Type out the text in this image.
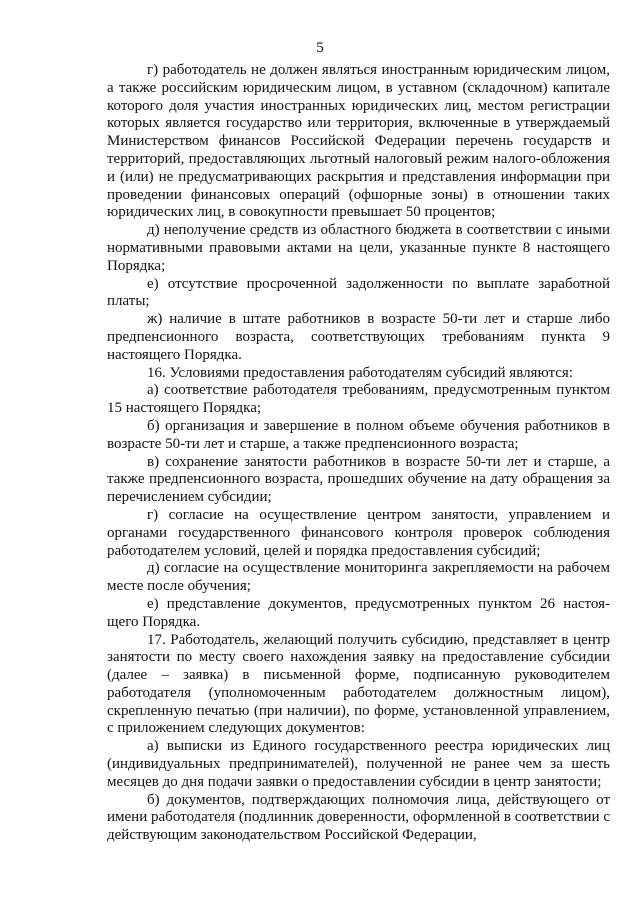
5

г) работодатель не должен являться иностранным юридическим лицом, а также российским юридическим лицом, в уставном (складочном) капитале которого доля участия иностранных юридических лиц, местом регистрации которых является государство или территория, включенные в утверждаемый Министерством финансов Российской Федерации перечень государств и территорий, предоставляющих льготный налоговый режим налого-обложения и (или) не предусматривающих раскрытия и представления информации при проведении финансовых операций (офшорные зоны) в отношении таких юридических лиц, в совокупности превышает 50 процентов;

д) неполучение средств из областного бюджета в соответствии с иными нормативными правовыми актами на цели, указанные пункте 8 настоящего Порядка;

е) отсутствие просроченной задолженности по выплате заработной платы;

ж) наличие в штате работников в возрасте 50-ти лет и старше либо предпенсионного возраста, соответствующих требованиям пункта 9 настоящего Порядка.

16. Условиями предоставления работодателям субсидий являются:

а) соответствие работодателя требованиям, предусмотренным пунктом 15 настоящего Порядка;

б) организация и завершение в полном объеме обучения работников в возрасте 50-ти лет и старше, а также предпенсионного возраста;

в) сохранение занятости работников в возрасте 50-ти лет и старше, а также предпенсионного возраста, прошедших обучение на дату обращения за перечислением субсидии;

г) согласие на осуществление центром занятости, управлением и органами государственного финансового контроля проверок соблюдения работодателем условий, целей и порядка предоставления субсидий;

д) согласие на осуществление мониторинга закрепляемости на рабочем месте после обучения;

е) представление документов, предусмотренных пунктом 26 настоя-щего Порядка.

17. Работодатель, желающий получить субсидию, представляет в центр занятости по месту своего нахождения заявку на предоставление субсидии (далее – заявка) в письменной форме, подписанную руководителем работодателя (уполномоченным работодателем должностным лицом), скрепленную печатью (при наличии), по форме, установленной управлением, с приложением следующих документов:

а) выписки из Единого государственного реестра юридических лиц (индивидуальных предпринимателей), полученной не ранее чем за шесть месяцев до дня подачи заявки о предоставлении субсидии в центр занятости;

б) документов, подтверждающих полномочия лица, действующего от имени работодателя (подлинник доверенности, оформленной в соответствии с действующим законодательством Российской Федерации,
